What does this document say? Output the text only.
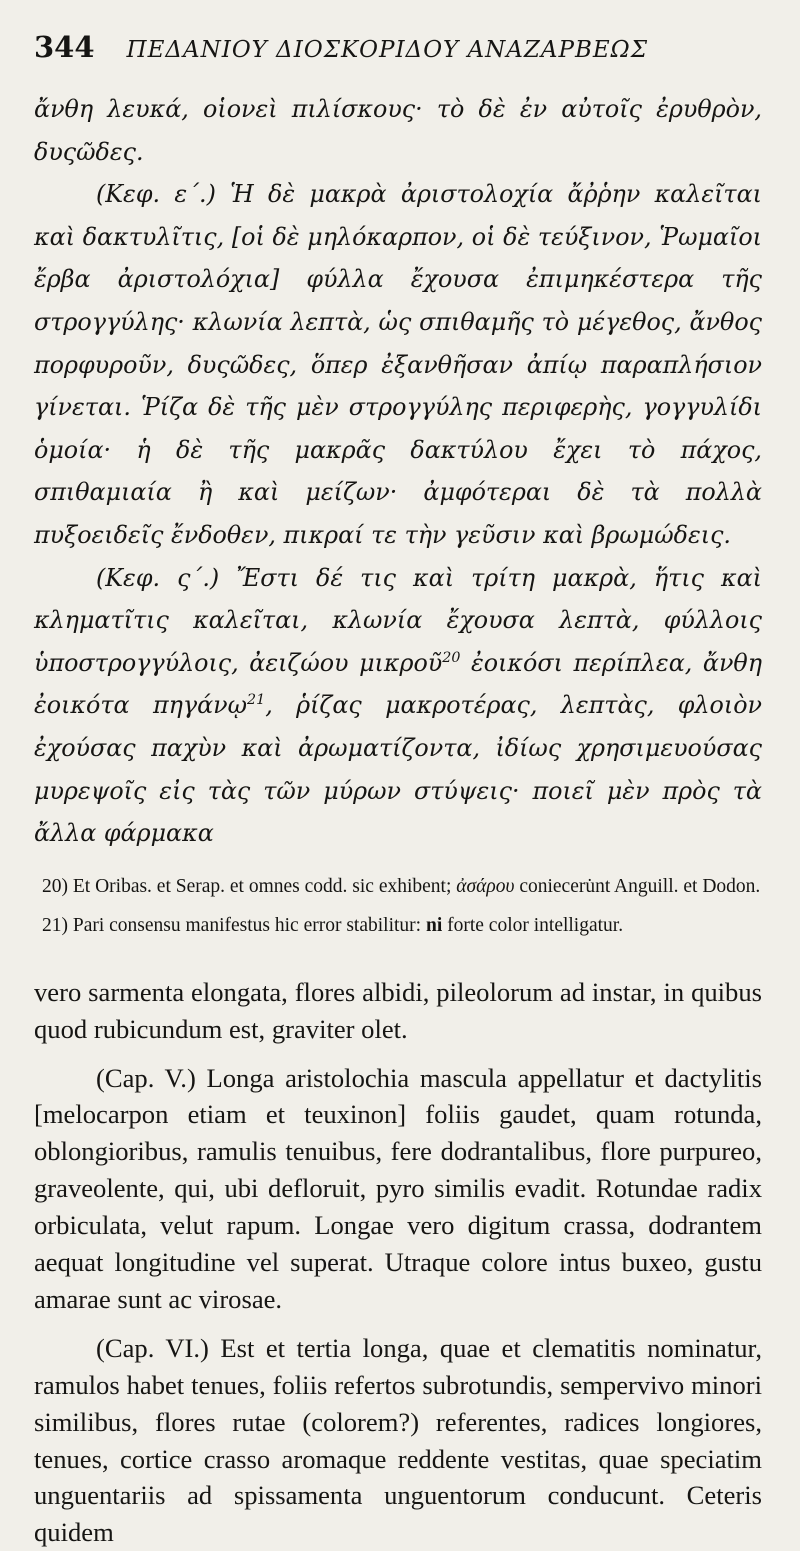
344 ΠΕΔΑΝΙΟΥ ΔΙΟΣΚΟΡΙΔΟΥ ΑΝΑΖΑΡΒΕΩΣ

ἄνθη λευκά, οἱονεὶ πιλίσκους· τὸ δὲ ἐν αὐτοῖς ἐρυθρὸν, δυςῶδες.

(Κεφ. ε΄.) Ἡ δὲ μακρὰ ἀριστολοχία ἄῤῥην καλεῖται καὶ δακτυλῖτις, [οἱ δὲ μηλόκαρπον, οἱ δὲ τεύξινον, Ῥωμαῖοι ἔρβα ἀριστολόχια] φύλλα ἔχουσα ἐπιμηκέστερα τῆς στρογγύλης· κλωνία λεπτὰ, ὡς σπιθαμῆς τὸ μέγεθος, ἄνθος πορφυροῦν, δυςῶδες, ὅπερ ἐξανθῆσαν ἀπίῳ παραπλήσιον γίνεται. Ῥίζα δὲ τῆς μὲν στρογγύλης περιφερὴς, γογγυλίδι ὁμοία· ἡ δὲ τῆς μακρᾶς δακτύλου ἔχει τὸ πάχος, σπιθαμιαία ἢ καὶ μείζων· ἀμφότεραι δὲ τὰ πολλὰ πυξοειδεῖς ἔνδοθεν, πικραί τε τὴν γεῦσιν καὶ βρωμώδεις.

(Κεφ. ς΄.) Ἔστι δέ τις καὶ τρίτη μακρὰ, ἥτις καὶ κληματῖτις καλεῖται, κλωνία ἔχουσα λεπτὰ, φύλλοις ὑποστρογγύλοις, ἀειζώου μικροῦ$^{20}$ ἐοικόσι περίπλεα, ἄνθη ἐοικότα πηγάνῳ$^{21}$, ῥίζας μακροτέρας, λεπτὰς, φλοιὸν ἐχούσας παχὺν καὶ ἀρωματίζοντα, ἰδίως χρησιμευούσας μυρεψοῖς εἰς τὰς τῶν μύρων στύψεις· ποιεῖ μὲν πρὸς τὰ ἄλλα φάρμακα

20) Et Oribas. et Serap. et omnes codd. sic exhibent; ἀσάρου conieceru̇nt Anguill. et Dodon.

21) Pari consensu manifestus hic error stabilitur: ni forte color intelligatur.

vero sarmenta elongata, flores albidi, pileolorum ad instar, in quibus quod rubicundum est, graviter olet.

(Cap. V.) Longa aristolochia mascula appellatur et dactylitis [melocarpon etiam et teuxinon] foliis gaudet, quam rotunda, oblongioribus, ramulis tenuibus, fere dodrantalibus, flore purpureo, graveolente, qui, ubi defloruit, pyro similis evadit. Rotundae radix orbiculata, velut rapum. Longae vero digitum crassa, dodrantem aequat longitudine vel superat. Utraque colore intus buxeo, gustu amarae sunt ac virosae.

(Cap. VI.) Est et tertia longa, quae et clematitis nominatur, ramulos habet tenues, foliis refertos subrotundis, sempervivo minori similibus, flores rutae (colorem?) referentes, radices longiores, tenues, cortice crasso aromaque reddente vestitas, quae speciatim unguentariis ad spissamenta unguentorum conducunt. Ceteris quidem
